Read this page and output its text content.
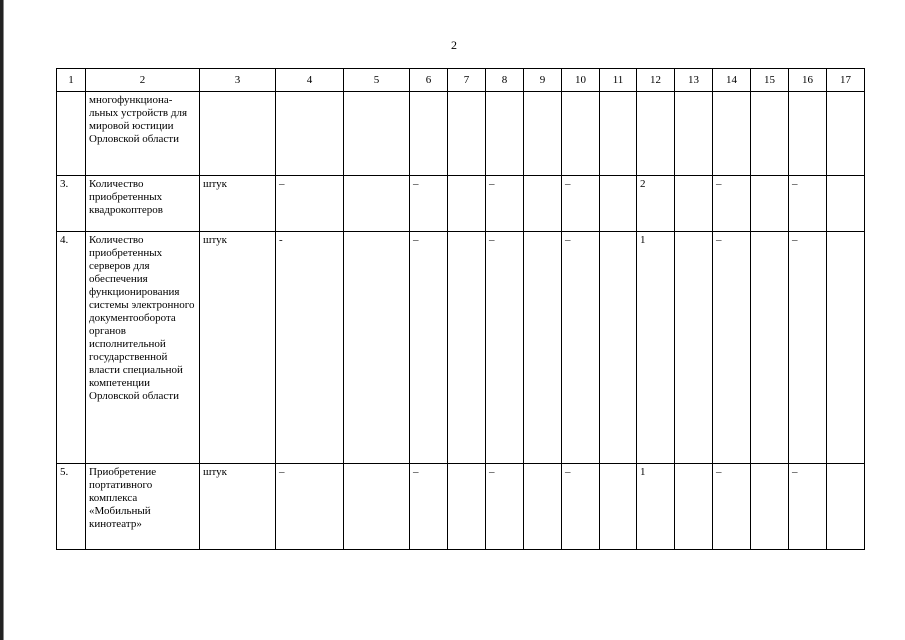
2
1	2	3	4	5	6	7	8	9	10	11	12	13	14	15	16	17
	многофункциона-льных устройств для мировой юстиции Орловской области															
3.	Количество приобретенных квадрокоптеров	штук	–		–		–		–		2		–		–	
4.	Количество приобретенных серверов для обеспечения функционирования системы электронного документооборота органов исполнительной государственной власти специальной компетенции Орловской области	штук	-		–		–		–		1		–		–	
5.	Приобретение портативного комплекса «Мобильный кинотеатр»	штук	–		–		–		–		1		–		–	
